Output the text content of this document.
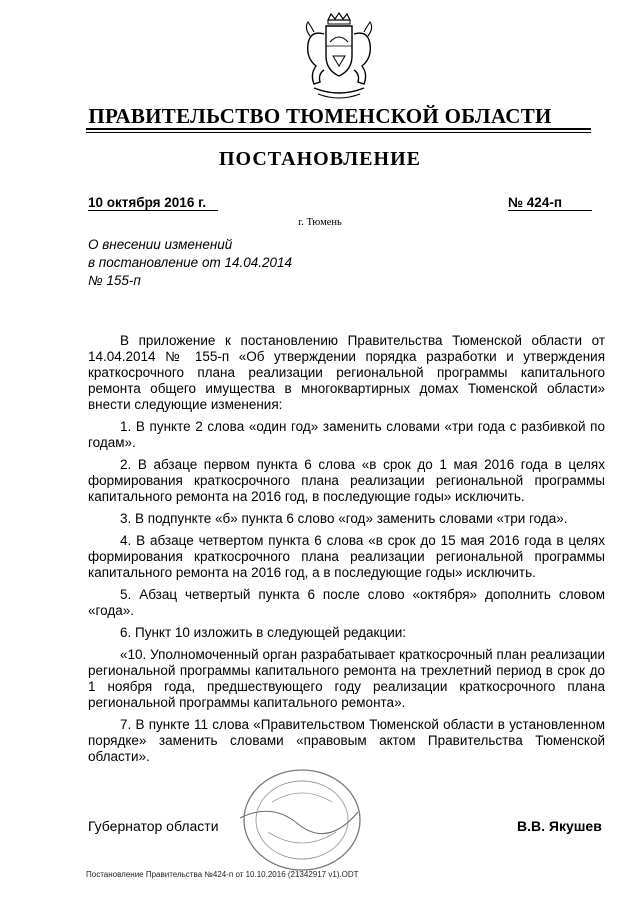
ПРАВИТЕЛЬСТВО ТЮМЕНСКОЙ ОБЛАСТИ
ПОСТАНОВЛЕНИЕ
10 октября 2016 г.	№ 424-п
г. Тюмень
О внесении изменений
в постановление от 14.04.2014
№ 155-п

В приложение к постановлению Правительства Тюменской области от 14.04.2014 № 155-п «Об утверждении порядка разработки и утверждения краткосрочного плана реализации региональной программы капитального ремонта общего имущества в многоквартирных домах Тюменской области» внести следующие изменения:

1. В пункте 2 слова «один год» заменить словами «три года с разбивкой по годам».

2. В абзаце первом пункта 6 слова «в срок до 1 мая 2016 года в целях формирования краткосрочного плана реализации региональной программы капитального ремонта на 2016 год, в последующие годы» исключить.

3. В подпункте «б» пункта 6 слово «год» заменить словами «три года».

4. В абзаце четвертом пункта 6 слова «в срок до 15 мая 2016 года в целях формирования краткосрочного плана реализации региональной программы капитального ремонта на 2016 год, а в последующие годы» исключить.

5. Абзац четвертый пункта 6 после слово «октября» дополнить словом «года».

6. Пункт 10 изложить в следующей редакции:

«10. Уполномоченный орган разрабатывает краткосрочный план реализации региональной программы капитального ремонта на трехлетний период в срок до 1 ноября года, предшествующего году реализации краткосрочного плана региональной программы капитального ремонта».

7. В пункте 11 слова «Правительством Тюменской области в установленном порядке» заменить словами «правовым актом Правительства Тюменской области».

Губернатор области	В.В. Якушев
Постановление Правительства №424-п от 10.10.2016 (21342917 v1).ODT
